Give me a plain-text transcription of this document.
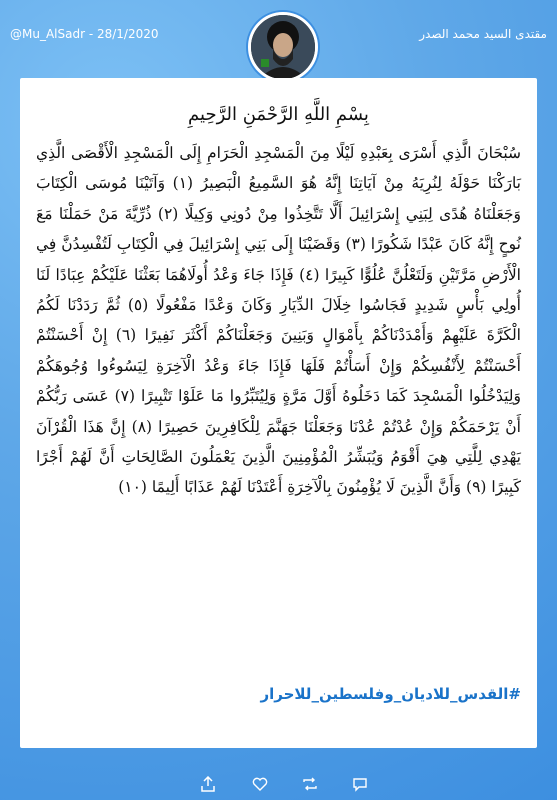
@Mu_AlSadr - 28/1/2020	مقتدى السيد محمد الصدر
بِسْمِ اللَّهِ الرَّحْمَنِ الرَّحِيمِ
سُبْحَانَ الَّذِي أَسْرَى بِعَبْدِهِ لَيْلًا مِنَ الْمَسْجِدِ الْحَرَامِ إِلَى الْمَسْجِدِ الْأَقْصَى الَّذِي بَارَكْنَا حَوْلَهُ لِنُرِيَهُ مِنْ آيَاتِنَا إِنَّهُ هُوَ السَّمِيعُ الْبَصِيرُ (١) وَآتَيْنَا مُوسَى الْكِتَابَ وَجَعَلْنَاهُ هُدًى لِبَنِي إِسْرَائِيلَ أَلَّا تَتَّخِذُوا مِنْ دُونِي وَكِيلًا (٢) ذُرِّيَّةَ مَنْ حَمَلْنَا مَعَ نُوحٍ إِنَّهُ كَانَ عَبْدًا شَكُورًا (٣) وَقَضَيْنَا إِلَى بَنِي إِسْرَائِيلَ فِي الْكِتَابِ لَتُفْسِدُنَّ فِي الْأَرْضِ مَرَّتَيْنِ وَلَتَعْلُنَّ عُلُوًّا كَبِيرًا (٤) فَإِذَا جَاءَ وَعْدُ أُولَاهُمَا بَعَثْنَا عَلَيْكُمْ عِبَادًا لَنَا أُولِي بَأْسٍ شَدِيدٍ فَجَاسُوا خِلَالَ الدِّيَارِ وَكَانَ وَعْدًا مَفْعُولًا (٥) ثُمَّ رَدَدْنَا لَكُمُ الْكَرَّةَ عَلَيْهِمْ وَأَمْدَدْنَاكُمْ بِأَمْوَالٍ وَبَنِينَ وَجَعَلْنَاكُمْ أَكْثَرَ نَفِيرًا (٦) إِنْ أَحْسَنْتُمْ أَحْسَنْتُمْ لِأَنْفُسِكُمْ وَإِنْ أَسَأْتُمْ فَلَهَا فَإِذَا جَاءَ وَعْدُ الْآخِرَةِ لِيَسُوءُوا وُجُوهَكُمْ وَلِيَدْخُلُوا الْمَسْجِدَ كَمَا دَخَلُوهُ أَوَّلَ مَرَّةٍ وَلِيُتَبِّرُوا مَا عَلَوْا تَتْبِيرًا (٧) عَسَى رَبُّكُمْ أَنْ يَرْحَمَكُمْ وَإِنْ عُدْتُمْ عُدْنَا وَجَعَلْنَا جَهَنَّمَ لِلْكَافِرِينَ حَصِيرًا (٨) إِنَّ هَذَا الْقُرْآنَ يَهْدِي لِلَّتِي هِيَ أَقْوَمُ وَيُبَشِّرُ الْمُؤْمِنِينَ الَّذِينَ يَعْمَلُونَ الصَّالِحَاتِ أَنَّ لَهُمْ أَجْرًا كَبِيرًا (٩) وَأَنَّ الَّذِينَ لَا يُؤْمِنُونَ بِالْآخِرَةِ أَعْتَدْنَا لَهُمْ عَذَابًا أَلِيمًا (١٠)
#القدس_للاديان_وفلسطين_للاحرار
